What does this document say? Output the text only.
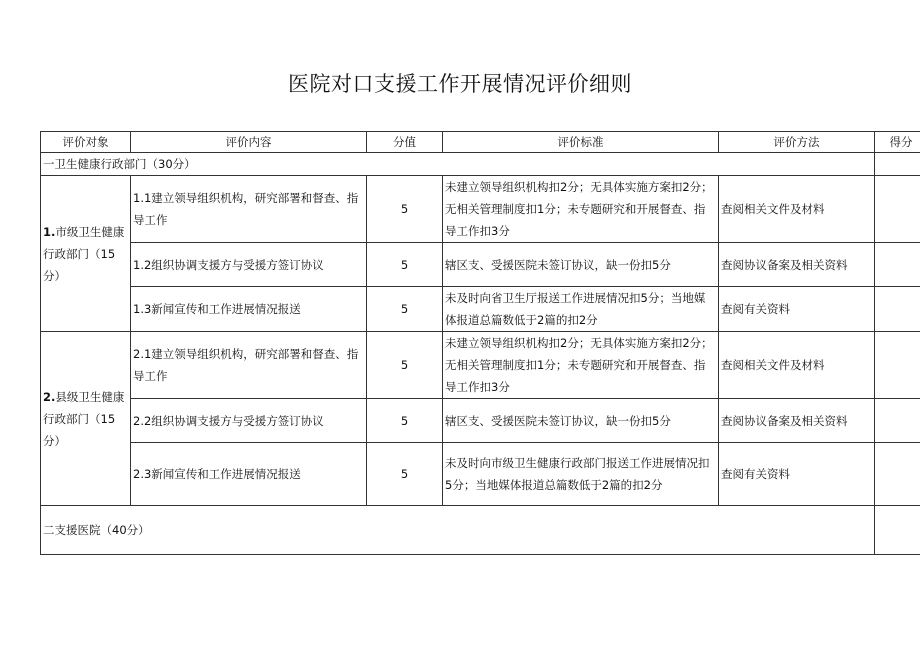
医院对口支援工作开展情况评价细则
评价对象	评价内容	分值	评价标准	评价方法	得分
一卫生健康行政部门（30分）					
1.市级卫生健康行政部门（15分）	1.1建立领导组织机构，研究部署和督查、指导工作	5	未建立领导组织机构扣2分；无具体实施方案扣2分；无相关管理制度扣1分；未专题研究和开展督查、指导工作扣3分	查阅相关文件及材料	
	1.2组织协调支援方与受援方签订协议	5	辖区支、受援医院未签订协议，缺一份扣5分	查阅协议备案及相关资料	
	1.3新闻宣传和工作进展情况报送	5	未及时向省卫生厅报送工作进展情况扣5分；当地媒体报道总篇数低于2篇的扣2分	查阅有关资料	
2.县级卫生健康行政部门（15分）	2.1建立领导组织机构，研究部署和督查、指导工作	5	未建立领导组织机构扣2分；无具体实施方案扣2分；无相关管理制度扣1分；未专题研究和开展督查、指导工作扣3分	查阅相关文件及材料	
	2.2组织协调支援方与受援方签订协议	5	辖区支、受援医院未签订协议，缺一份扣5分	查阅协议备案及相关资料	
	2.3新闻宣传和工作进展情况报送	5	未及时向市级卫生健康行政部门报送工作进展情况扣5分；当地媒体报道总篇数低于2篇的扣2分	查阅有关资料	
二支援医院（40分）					
